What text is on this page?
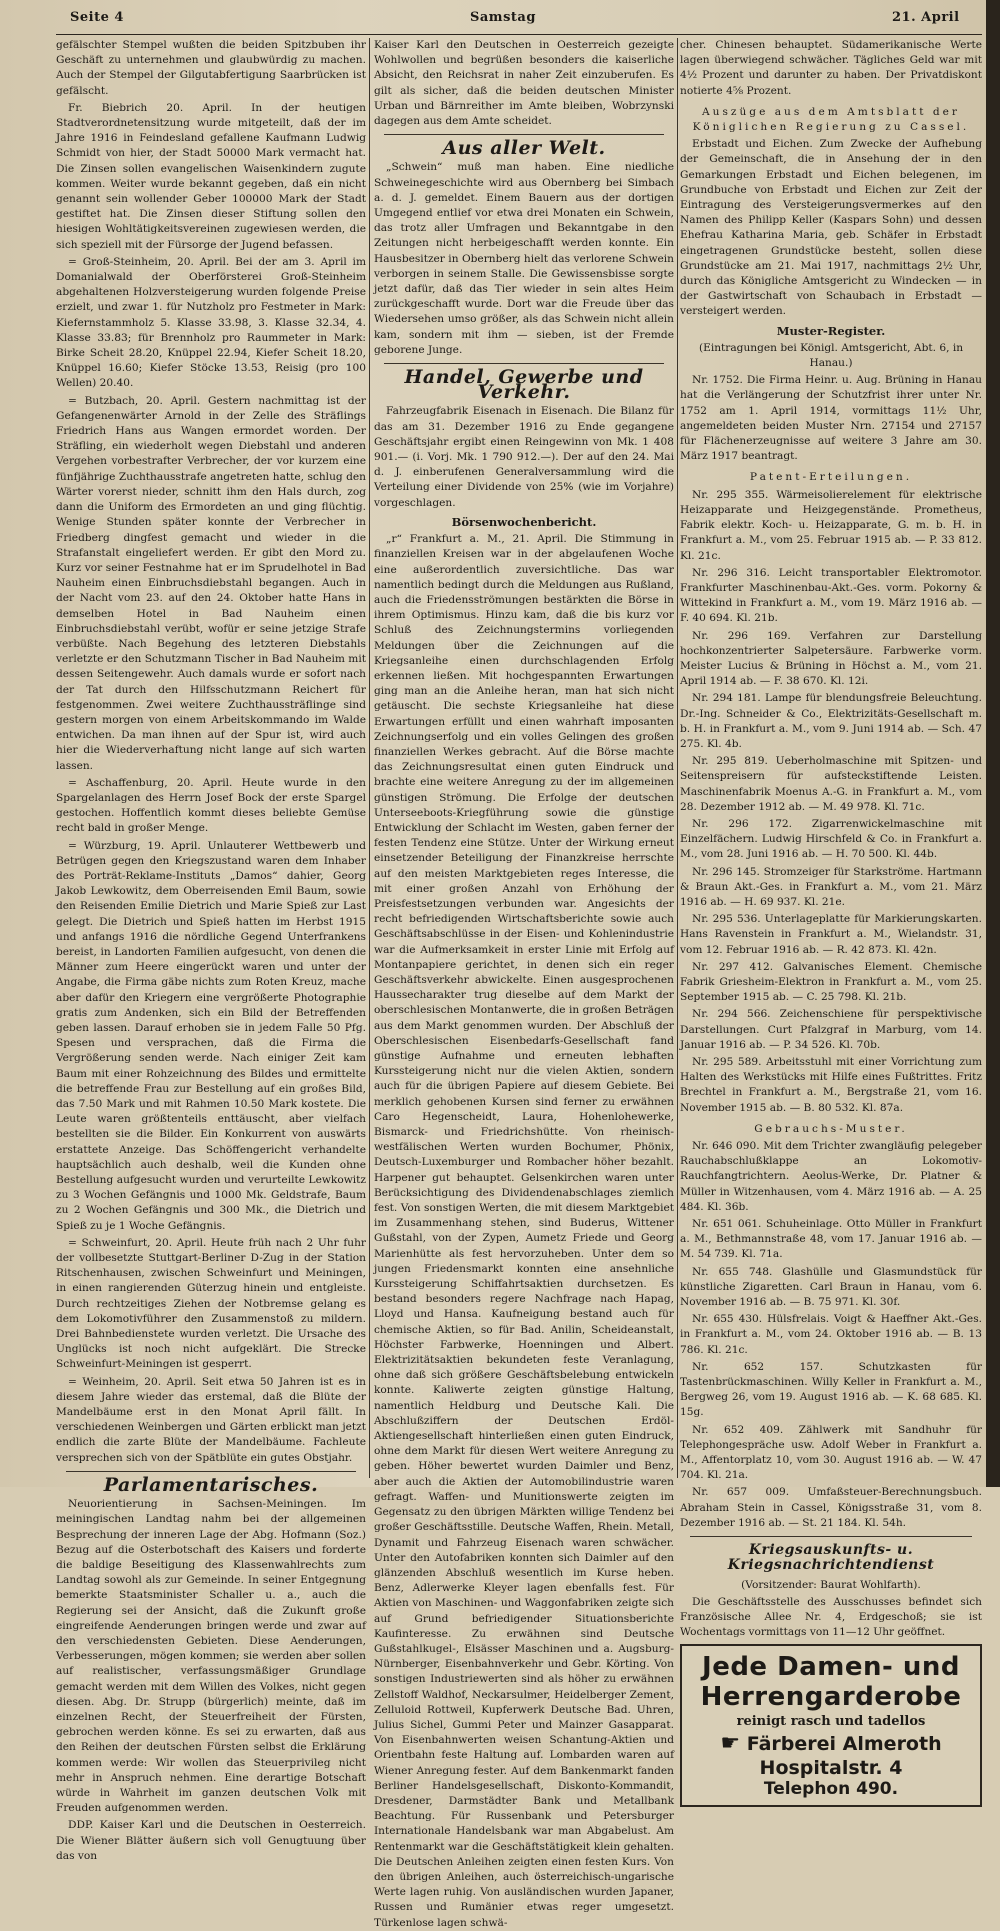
Seite 4	Samstag	21. April

gefälschter Stempel wußten die beiden Spitzbuben ihr Geschäft zu unternehmen und glaubwürdig zu machen. Auch der Stempel der Gilgutabfertigung Saarbrücken ist gefälscht.

Fr. Biebrich 20. April. In der heutigen Stadtverordnetensitzung wurde mitgeteilt, daß der im Jahre 1916 in Feindesland gefallene Kaufmann Ludwig Schmidt von hier, der Stadt 50000 Mark vermacht hat. Die Zinsen sollen evangelischen Waisenkindern zugute kommen. Weiter wurde bekannt gegeben, daß ein nicht genannt sein wollender Geber 100000 Mark der Stadt gestiftet hat. Die Zinsen dieser Stiftung sollen den hiesigen Wohltätigkeitsvereinen zugewiesen werden, die sich speziell mit der Fürsorge der Jugend befassen.

= Groß-Steinheim, 20. April. Bei der am 3. April im Domanialwald der Oberförsterei Groß-Steinheim abgehaltenen Holzversteigerung wurden folgende Preise erzielt, und zwar 1. für Nutzholz pro Festmeter in Mark: Kiefernstammholz 5. Klasse 33.98, 3. Klasse 32.34, 4. Klasse 33.83; für Brennholz pro Raummeter in Mark: Birke Scheit 28.20, Knüppel 22.94, Kiefer Scheit 18.20, Knüppel 16.60; Kiefer Stöcke 13.53, Reisig (pro 100 Wellen) 20.40.

= Butzbach, 20. April. Gestern nachmittag ist der Gefangenenwärter Arnold in der Zelle des Sträflings Friedrich Hans aus Wangen ermordet worden. Der Sträfling, ein wiederholt wegen Diebstahl und anderen Vergehen vorbestrafter Verbrecher, der vor kurzem eine fünfjährige Zuchthausstrafe angetreten hatte, schlug den Wärter vorerst nieder, schnitt ihm den Hals durch, zog dann die Uniform des Ermordeten an und ging flüchtig. Wenige Stunden später konnte der Verbrecher in Friedberg dingfest gemacht und wieder in die Strafanstalt eingeliefert werden. Er gibt den Mord zu. Kurz vor seiner Festnahme hat er im Sprudelhotel in Bad Nauheim einen Einbruchsdiebstahl begangen. Auch in der Nacht vom 23. auf den 24. Oktober hatte Hans in demselben Hotel in Bad Nauheim einen Einbruchsdiebstahl verübt, wofür er seine jetzige Strafe verbüßte. Nach Begehung des letzteren Diebstahls verletzte er den Schutzmann Tischer in Bad Nauheim mit dessen Seitengewehr. Auch damals wurde er sofort nach der Tat durch den Hilfsschutzmann Reichert für festgenommen. Zwei weitere Zuchthaussträflinge sind gestern morgen von einem Arbeitskommando im Walde entwichen. Da man ihnen auf der Spur ist, wird auch hier die Wiederverhaftung nicht lange auf sich warten lassen.

= Aschaffenburg, 20. April. Heute wurde in den Spargelanlagen des Herrn Josef Bock der erste Spargel gestochen. Hoffentlich kommt dieses beliebte Gemüse recht bald in großer Menge.

= Würzburg, 19. April. Unlauterer Wettbewerb und Betrügen gegen den Kriegszustand waren dem Inhaber des Porträt-Reklame-Instituts „Damos“ dahier, Georg Jakob Lewkowitz, dem Oberreisenden Emil Baum, sowie den Reisenden Emilie Dietrich und Marie Spieß zur Last gelegt. Die Dietrich und Spieß hatten im Herbst 1915 und anfangs 1916 die nördliche Gegend Unterfrankens bereist, in Landorten Familien aufgesucht, von denen die Männer zum Heere eingerückt waren und unter der Angabe, die Firma gäbe nichts zum Roten Kreuz, mache aber dafür den Kriegern eine vergrößerte Photographie gratis zum Andenken, sich ein Bild der Betreffenden geben lassen. Darauf erhoben sie in jedem Falle 50 Pfg. Spesen und versprachen, daß die Firma die Vergrößerung senden werde. Nach einiger Zeit kam Baum mit einer Rohzeichnung des Bildes und ermittelte die betreffende Frau zur Bestellung auf ein großes Bild, das 7.50 Mark und mit Rahmen 10.50 Mark kostete. Die Leute waren größtenteils enttäuscht, aber vielfach bestellten sie die Bilder. Ein Konkurrent von auswärts erstattete Anzeige. Das Schöffengericht verhandelte hauptsächlich auch deshalb, weil die Kunden ohne Bestellung aufgesucht wurden und verurteilte Lewkowitz zu 3 Wochen Gefängnis und 1000 Mk. Geldstrafe, Baum zu 2 Wochen Gefängnis und 300 Mk., die Dietrich und Spieß zu je 1 Woche Gefängnis.

= Schweinfurt, 20. April. Heute früh nach 2 Uhr fuhr der vollbesetzte Stuttgart-Berliner D-Zug in der Station Ritschenhausen, zwischen Schweinfurt und Meiningen, in einen rangierenden Güterzug hinein und entgleiste. Durch rechtzeitiges Ziehen der Notbremse gelang es dem Lokomotivführer den Zusammenstoß zu mildern. Drei Bahnbedienstete wurden verletzt. Die Ursache des Unglücks ist noch nicht aufgeklärt. Die Strecke Schweinfurt-Meiningen ist gesperrt.

= Weinheim, 20. April. Seit etwa 50 Jahren ist es in diesem Jahre wieder das erstemal, daß die Blüte der Mandelbäume erst in den Monat April fällt. In verschiedenen Weinbergen und Gärten erblickt man jetzt endlich die zarte Blüte der Mandelbäume. Fachleute versprechen sich von der Spätblüte ein gutes Obstjahr.

Parlamentarisches.

Neuorientierung in Sachsen-Meiningen. Im meiningischen Landtag nahm bei der allgemeinen Besprechung der inneren Lage der Abg. Hofmann (Soz.) Bezug auf die Osterbotschaft des Kaisers und forderte die baldige Beseitigung des Klassenwahlrechts zum Landtag sowohl als zur Gemeinde. In seiner Entgegnung bemerkte Staatsminister Schaller u. a., auch die Regierung sei der Ansicht, daß die Zukunft große eingreifende Aenderungen bringen werde und zwar auf den verschiedensten Gebieten. Diese Aenderungen, Verbesserungen, mögen kommen; sie werden aber sollen auf realistischer, verfassungsmäßiger Grundlage gemacht werden mit dem Willen des Volkes, nicht gegen diesen. Abg. Dr. Strupp (bürgerlich) meinte, daß im einzelnen Recht, der Steuerfreiheit der Fürsten, gebrochen werden könne. Es sei zu erwarten, daß aus den Reihen der deutschen Fürsten selbst die Erklärung kommen werde: Wir wollen das Steuerprivileg nicht mehr in Anspruch nehmen. Eine derartige Botschaft würde in Wahrheit im ganzen deutschen Volk mit Freuden aufgenommen werden.

DDP. Kaiser Karl und die Deutschen in Oesterreich. Die Wiener Blätter äußern sich voll Genugtuung über das von

Kaiser Karl den Deutschen in Oesterreich gezeigte Wohlwollen und begrüßen besonders die kaiserliche Absicht, den Reichsrat in naher Zeit einzuberufen. Es gilt als sicher, daß die beiden deutschen Minister Urban und Bärnreither im Amte bleiben, Wobrzynski dagegen aus dem Amte scheidet.

Aus aller Welt.

„Schwein“ muß man haben. Eine niedliche Schweinegeschichte wird aus Obernberg bei Simbach a. d. J. gemeldet. Einem Bauern aus der dortigen Umgegend entlief vor etwa drei Monaten ein Schwein, das trotz aller Umfragen und Bekanntgabe in den Zeitungen nicht herbeigeschafft werden konnte. Ein Hausbesitzer in Obernberg hielt das verlorene Schwein verborgen in seinem Stalle. Die Gewissensbisse sorgte jetzt dafür, daß das Tier wieder in sein altes Heim zurückgeschafft wurde. Dort war die Freude über das Wiedersehen umso größer, als das Schwein nicht allein kam, sondern mit ihm — sieben, ist der Fremde geborene Junge.

Handel, Gewerbe und Verkehr.

Fahrzeugfabrik Eisenach in Eisenach. Die Bilanz für das am 31. Dezember 1916 zu Ende gegangene Geschäftsjahr ergibt einen Reingewinn von Mk. 1 408 901.— (i. Vorj. Mk. 1 790 912.—). Der auf den 24. Mai d. J. einberufenen Generalversammlung wird die Verteilung einer Dividende von 25% (wie im Vorjahre) vorgeschlagen.

Börsenwochenbericht.

„r“ Frankfurt a. M., 21. April. Die Stimmung in finanziellen Kreisen war in der abgelaufenen Woche eine außerordentlich zuversichtliche. Das war namentlich bedingt durch die Meldungen aus Rußland, auch die Friedensströmungen bestärkten die Börse in ihrem Optimismus. Hinzu kam, daß die bis kurz vor Schluß des Zeichnungstermins vorliegenden Meldungen über die Zeichnungen auf die Kriegsanleihe einen durchschlagenden Erfolg erkennen ließen. Mit hochgespannten Erwartungen ging man an die Anleihe heran, man hat sich nicht getäuscht. Die sechste Kriegsanleihe hat diese Erwartungen erfüllt und einen wahrhaft imposanten Zeichnungserfolg und ein volles Gelingen des großen finanziellen Werkes gebracht. Auf die Börse machte das Zeichnungsresultat einen guten Eindruck und brachte eine weitere Anregung zu der im allgemeinen günstigen Strömung. Die Erfolge der deutschen Unterseeboots-Kriegführung sowie die günstige Entwicklung der Schlacht im Westen, gaben ferner der festen Tendenz eine Stütze. Unter der Wirkung erneut einsetzender Beteiligung der Finanzkreise herrschte auf den meisten Marktgebieten reges Interesse, die mit einer großen Anzahl von Erhöhung der Preisfestsetzungen verbunden war. Angesichts der recht befriedigenden Wirtschaftsberichte sowie auch Geschäftsabschlüsse in der Eisen- und Kohlenindustrie war die Aufmerksamkeit in erster Linie mit Erfolg auf Montanpapiere gerichtet, in denen sich ein reger Geschäftsverkehr abwickelte. Einen ausgesprochenen Haussecharakter trug dieselbe auf dem Markt der oberschlesischen Montanwerte, die in großen Beträgen aus dem Markt genommen wurden. Der Abschluß der Oberschlesischen Eisenbedarfs-Gesellschaft fand günstige Aufnahme und erneuten lebhaften Kurssteigerung nicht nur die vielen Aktien, sondern auch für die übrigen Papiere auf diesem Gebiete. Bei merklich gehobenen Kursen sind ferner zu erwähnen Caro Hegenscheidt, Laura, Hohenlohewerke, Bismarck- und Friedrichshütte. Von rheinisch-westfälischen Werten wurden Bochumer, Phönix, Deutsch-Luxemburger und Rombacher höher bezahlt. Harpener gut behauptet. Gelsenkirchen waren unter Berücksichtigung des Dividendenabschlages ziemlich fest. Von sonstigen Werten, die mit diesem Marktgebiet im Zusammenhang stehen, sind Buderus, Wittener Gußstahl, von der Zypen, Aumetz Friede und Georg Marienhütte als fest hervorzuheben. Unter dem so jungen Friedensmarkt konnten eine ansehnliche Kurssteigerung Schiffahrtsaktien durchsetzen. Es bestand besonders regere Nachfrage nach Hapag, Lloyd und Hansa. Kaufneigung bestand auch für chemische Aktien, so für Bad. Anilin, Scheideanstalt, Höchster Farbwerke, Hoenningen und Albert. Elektrizitätsaktien bekundeten feste Veranlagung, ohne daß sich größere Geschäftsbelebung entwickeln konnte. Kaliwerte zeigten günstige Haltung, namentlich Heldburg und Deutsche Kali. Die Abschlußziffern der Deutschen Erdöl-Aktiengesellschaft hinterließen einen guten Eindruck, ohne dem Markt für diesen Wert weitere Anregung zu geben. Höher bewertet wurden Daimler und Benz, aber auch die Aktien der Automobilindustrie waren gefragt. Waffen- und Munitionswerte zeigten im Gegensatz zu den übrigen Märkten willige Tendenz bei großer Geschäftsstille. Deutsche Waffen, Rhein. Metall, Dynamit und Fahrzeug Eisenach waren schwächer. Unter den Autofabriken konnten sich Daimler auf den glänzenden Abschluß wesentlich im Kurse heben. Benz, Adlerwerke Kleyer lagen ebenfalls fest. Für Aktien von Maschinen- und Waggonfabriken zeigte sich auf Grund befriedigender Situationsberichte Kaufinteresse. Zu erwähnen sind Deutsche Gußstahlkugel-, Elsässer Maschinen und a. Augsburg-Nürnberger, Eisenbahnverkehr und Gebr. Körting. Von sonstigen Industriewerten sind als höher zu erwähnen Zellstoff Waldhof, Neckarsulmer, Heidelberger Zement, Zelluloid Rottweil, Kupferwerk Deutsche Bad. Uhren, Julius Sichel, Gummi Peter und Mainzer Gasapparat. Von Eisenbahnwerten weisen Schantung-Aktien und Orientbahn feste Haltung auf. Lombarden waren auf Wiener Anregung fester. Auf dem Bankenmarkt fanden Berliner Handelsgesellschaft, Diskonto-Kommandit, Dresdener, Darmstädter Bank und Metallbank Beachtung. Für Russenbank und Petersburger Internationale Handelsbank war man Abgabelust. Am Rentenmarkt war die Geschäftstätigkeit klein gehalten. Die Deutschen Anleihen zeigten einen festen Kurs. Von den übrigen Anleihen, auch österreichisch-ungarische Werte lagen ruhig. Von ausländischen wurden Japaner, Russen und Rumänier etwas reger umgesetzt. Türkenlose lagen schwä-

cher. Chinesen behauptet. Südamerikanische Werte lagen überwiegend schwächer. Tägliches Geld war mit 4½ Prozent und darunter zu haben. Der Privatdiskont notierte 4⅝ Prozent.

Auszüge aus dem Amtsblatt der Königlichen Regierung zu Cassel.

Erbstadt und Eichen. Zum Zwecke der Aufhebung der Gemeinschaft, die in Ansehung der in den Gemarkungen Erbstadt und Eichen belegenen, im Grundbuche von Erbstadt und Eichen zur Zeit der Eintragung des Versteigerungsvermerkes auf den Namen des Philipp Keller (Kaspars Sohn) und dessen Ehefrau Katharina Maria, geb. Schäfer in Erbstadt eingetragenen Grundstücke besteht, sollen diese Grundstücke am 21. Mai 1917, nachmittags 2½ Uhr, durch das Königliche Amtsgericht zu Windecken — in der Gastwirtschaft von Schaubach in Erbstadt — versteigert werden.

Muster-Register.

(Eintragungen bei Königl. Amtsgericht, Abt. 6, in Hanau.)

Nr. 1752. Die Firma Heinr. u. Aug. Brüning in Hanau hat die Verlängerung der Schutzfrist ihrer unter Nr. 1752 am 1. April 1914, vormittags 11½ Uhr, angemeldeten beiden Muster Nrn. 27154 und 27157 für Flächenerzeugnisse auf weitere 3 Jahre am 30. März 1917 beantragt.

Patent-Erteilungen.

Nr. 295 355. Wärmeisolierelement für elektrische Heizapparate und Heizgegenstände. Prometheus, Fabrik elektr. Koch- u. Heizapparate, G. m. b. H. in Frankfurt a. M., vom 25. Februar 1915 ab. — P. 33 812. Kl. 21c.

Nr. 296 316. Leicht transportabler Elektromotor. Frankfurter Maschinenbau-Akt.-Ges. vorm. Pokorny & Wittekind in Frankfurt a. M., vom 19. März 1916 ab. — F. 40 694. Kl. 21b.

Nr. 296 169. Verfahren zur Darstellung hochkonzentrierter Salpetersäure. Farbwerke vorm. Meister Lucius & Brüning in Höchst a. M., vom 21. April 1914 ab. — F. 38 670. Kl. 12i.

Nr. 294 181. Lampe für blendungsfreie Beleuchtung. Dr.-Ing. Schneider & Co., Elektrizitäts-Gesellschaft m. b. H. in Frankfurt a. M., vom 9. Juni 1914 ab. — Sch. 47 275. Kl. 4b.

Nr. 295 819. Ueberholmaschine mit Spitzen- und Seitenspreisern für aufsteckstiftende Leisten. Maschinenfabrik Moenus A.-G. in Frankfurt a. M., vom 28. Dezember 1912 ab. — M. 49 978. Kl. 71c.

Nr. 296 172. Zigarrenwickelmaschine mit Einzelfächern. Ludwig Hirschfeld & Co. in Frankfurt a. M., vom 28. Juni 1916 ab. — H. 70 500. Kl. 44b.

Nr. 296 145. Stromzeiger für Starkströme. Hartmann & Braun Akt.-Ges. in Frankfurt a. M., vom 21. März 1916 ab. — H. 69 937. Kl. 21e.

Nr. 295 536. Unterlageplatte für Markierungskarten. Hans Ravenstein in Frankfurt a. M., Wielandstr. 31, vom 12. Februar 1916 ab. — R. 42 873. Kl. 42n.

Nr. 297 412. Galvanisches Element. Chemische Fabrik Griesheim-Elektron in Frankfurt a. M., vom 25. September 1915 ab. — C. 25 798. Kl. 21b.

Nr. 294 566. Zeichenschiene für perspektivische Darstellungen. Curt Pfalzgraf in Marburg, vom 14. Januar 1916 ab. — P. 34 526. Kl. 70b.

Nr. 295 589. Arbeitsstuhl mit einer Vorrichtung zum Halten des Werkstücks mit Hilfe eines Fußtrittes. Fritz Brechtel in Frankfurt a. M., Bergstraße 21, vom 16. November 1915 ab. — B. 80 532. Kl. 87a.

Gebrauchs-Muster.

Nr. 646 090. Mit dem Trichter zwangläufig pelegeber Rauchabschlußklappe an Lokomotiv-Rauchfangtrichtern. Aeolus-Werke, Dr. Platner & Müller in Witzenhausen, vom 4. März 1916 ab. — A. 25 484. Kl. 36b.

Nr. 651 061. Schuheinlage. Otto Müller in Frankfurt a. M., Bethmannstraße 48, vom 17. Januar 1916 ab. — M. 54 739. Kl. 71a.

Nr. 655 748. Glashülle und Glasmundstück für künstliche Zigaretten. Carl Braun in Hanau, vom 6. November 1916 ab. — B. 75 971. Kl. 30f.

Nr. 655 430. Hülsfrelais. Voigt & Haeffner Akt.-Ges. in Frankfurt a. M., vom 24. Oktober 1916 ab. — B. 13 786. Kl. 21c.

Nr. 652 157. Schutzkasten für Tastenbrückmaschinen. Willy Keller in Frankfurt a. M., Bergweg 26, vom 19. August 1916 ab. — K. 68 685. Kl. 15g.

Nr. 652 409. Zählwerk mit Sandhuhr für Telephongespräche usw. Adolf Weber in Frankfurt a. M., Affentorplatz 10, vom 30. August 1916 ab. — W. 47 704. Kl. 21a.

Nr. 657 009. Umfaßsteuer-Berechnungsbuch. Abraham Stein in Cassel, Königsstraße 31, vom 8. Dezember 1916 ab. — St. 21 184. Kl. 54h.

Kriegsauskunfts- u. Kriegsnachrichtendienst

(Vorsitzender: Baurat Wohlfarth).

Die Geschäftsstelle des Ausschusses befindet sich Französische Allee Nr. 4, Erdgeschoß; sie ist Wochentags vormittags von 11—12 Uhr geöffnet.

Jede Damen- und
Herrengarderobe
reinigt rasch und tadellos
☛ Färberei Almeroth Hospitalstr. 4
Telephon 490.
